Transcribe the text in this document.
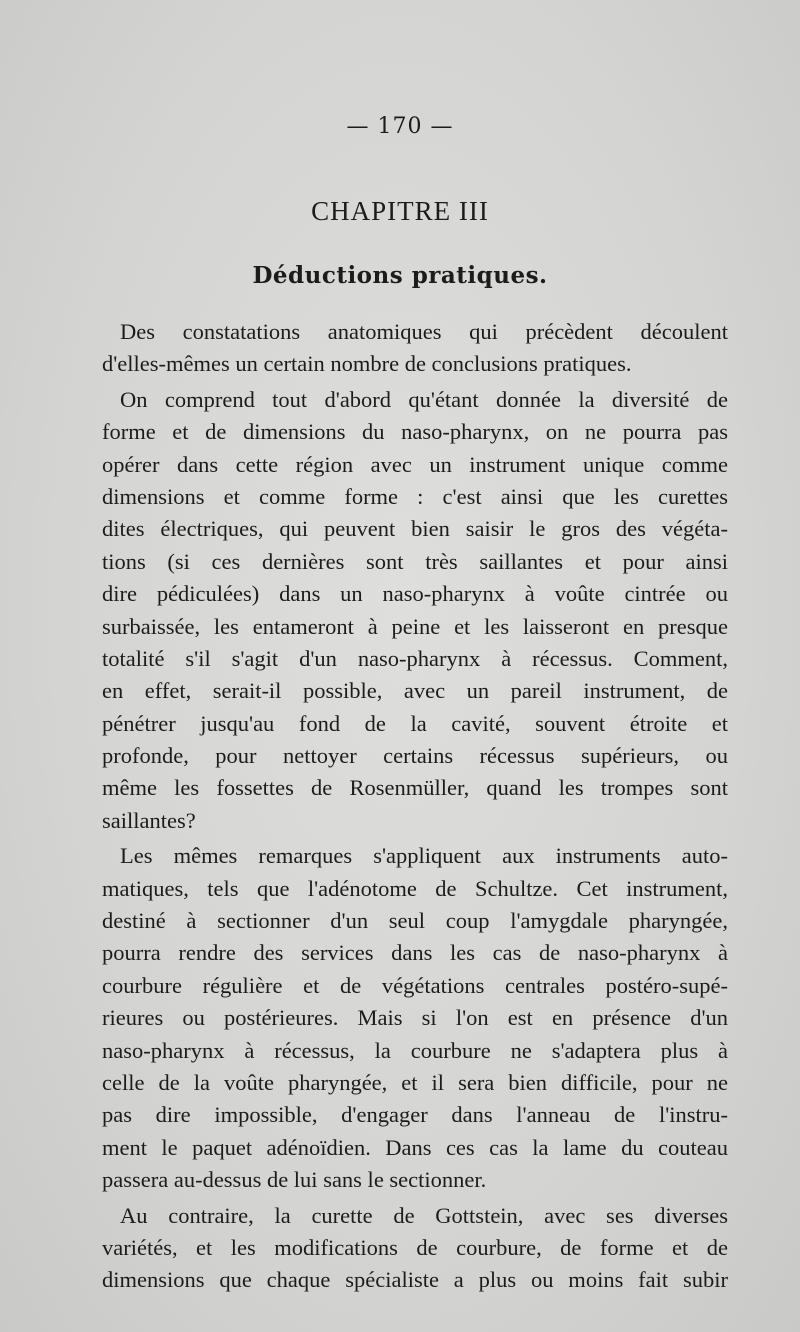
— 170 —
CHAPITRE III
Déductions pratiques.
Des constatations anatomiques qui précèdent découlent
d'elles-mêmes un certain nombre de conclusions pratiques.
On comprend tout d'abord qu'étant donnée la diversité de
forme et de dimensions du naso-pharynx, on ne pourra pas
opérer dans cette région avec un instrument unique comme
dimensions et comme forme : c'est ainsi que les curettes
dites électriques, qui peuvent bien saisir le gros des végéta-
tions (si ces dernières sont très saillantes et pour ainsi
dire pédiculées) dans un naso-pharynx à voûte cintrée ou
surbaissée, les entameront à peine et les laisseront en presque
totalité s'il s'agit d'un naso-pharynx à récessus. Comment,
en effet, serait-il possible, avec un pareil instrument, de
pénétrer jusqu'au fond de la cavité, souvent étroite et
profonde, pour nettoyer certains récessus supérieurs, ou
même les fossettes de Rosenmüller, quand les trompes sont
saillantes?
Les mêmes remarques s'appliquent aux instruments auto-
matiques, tels que l'adénotome de Schultze. Cet instrument,
destiné à sectionner d'un seul coup l'amygdale pharyngée,
pourra rendre des services dans les cas de naso-pharynx à
courbure régulière et de végétations centrales postéro-supé-
rieures ou postérieures. Mais si l'on est en présence d'un
naso-pharynx à récessus, la courbure ne s'adaptera plus à
celle de la voûte pharyngée, et il sera bien difficile, pour ne
pas dire impossible, d'engager dans l'anneau de l'instru-
ment le paquet adénoïdien. Dans ces cas la lame du couteau
passera au-dessus de lui sans le sectionner.
Au contraire, la curette de Gottstein, avec ses diverses
variétés, et les modifications de courbure, de forme et de
dimensions que chaque spécialiste a plus ou moins fait subir
